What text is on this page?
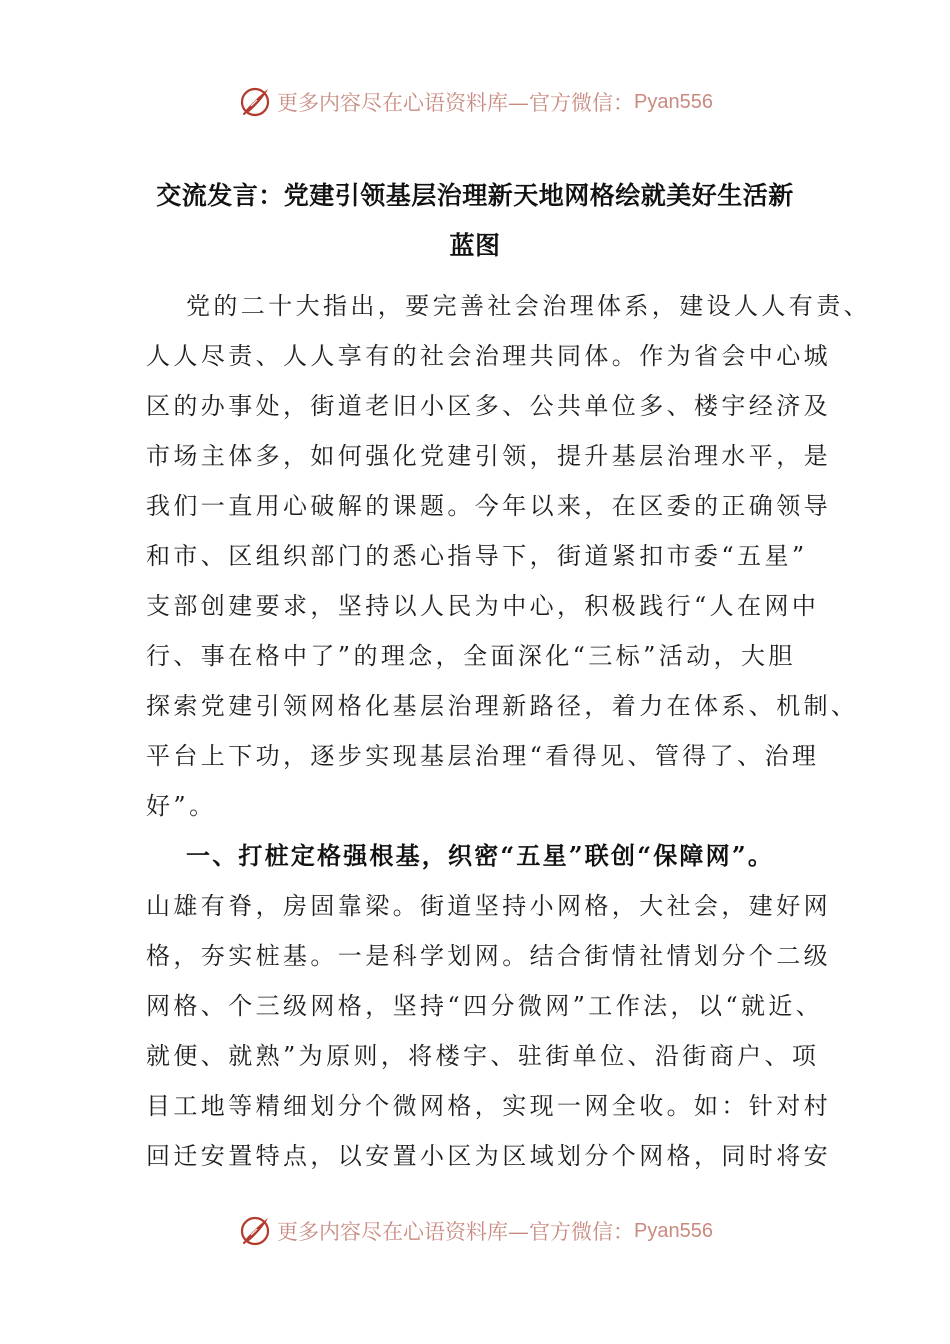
更多内容尽在心语资料库—官方微信： Pyan556
交流发言：党建引领基层治理新天地网格绘就美好生活新
蓝图
党的二十大指出，要完善社会治理体系，建设人人有责、
人人尽责、人人享有的社会治理共同体。作为省会中心城
区的办事处，街道老旧小区多、公共单位多、楼宇经济及
市场主体多，如何强化党建引领，提升基层治理水平，是
我们一直用心破解的课题。今年以来，在区委的正确领导
和市、区组织部门的悉心指导下，街道紧扣市委“五星”
支部创建要求，坚持以人民为中心，积极践行“人在网中
行、事在格中了”的理念，全面深化“三标”活动，大胆
探索党建引领网格化基层治理新路径，着力在体系、机制、
平台上下功，逐步实现基层治理“看得见、管得了、治理
好”。
一、打桩定格强根基，织密“五星”联创“保障网”。
山雄有脊，房固靠梁。街道坚持小网格，大社会，建好网
格，夯实桩基。一是科学划网。结合街情社情划分个二级
网格、个三级网格，坚持“四分微网”工作法，以“就近、
就便、就熟”为原则，将楼宇、驻街单位、沿街商户、项
目工地等精细划分个微网格，实现一网全收。如：针对村
回迁安置特点，以安置小区为区域划分个网格，同时将安
更多内容尽在心语资料库—官方微信： Pyan556
